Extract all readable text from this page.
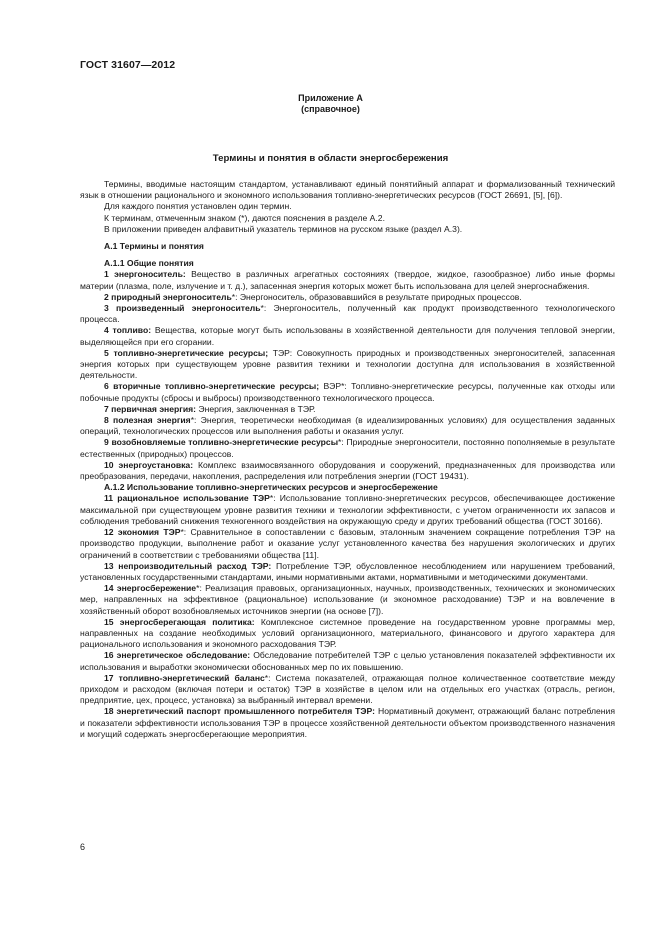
ГОСТ 31607—2012
Приложение А
(справочное)
Термины и понятия в области энергосбережения

Термины, вводимые настоящим стандартом, устанавливают единый понятийный аппарат и формализованный технический язык в отношении рационального и экономного использования топливно-энергетических ресурсов (ГОСТ 26691, [5], [6]).

Для каждого понятия установлен один термин.

К терминам, отмеченным знаком (*), даются пояснения в разделе А.2.

В приложении приведен алфавитный указатель терминов на русском языке (раздел А.3).

А.1 Термины и понятия

А.1.1 Общие понятия

1 энергоноситель: Вещество в различных агрегатных состояниях (твердое, жидкое, газообразное) либо иные формы материи (плазма, поле, излучение и т. д.), запасенная энергия которых может быть использована для целей энергоснабжения.

2 природный энергоноситель*: Энергоноситель, образовавшийся в результате природных процессов.

3 произведенный энергоноситель*: Энергоноситель, полученный как продукт производственного технологического процесса.

4 топливо: Вещества, которые могут быть использованы в хозяйственной деятельности для получения тепловой энергии, выделяющейся при его сгорании.

5 топливно-энергетические ресурсы; ТЭР: Совокупность природных и производственных энергоносителей, запасенная энергия которых при существующем уровне развития техники и технологии доступна для использования в хозяйственной деятельности.

6 вторичные топливно-энергетические ресурсы; ВЭР*: Топливно-энергетические ресурсы, полученные как отходы или побочные продукты (сбросы и выбросы) производственного технологического процесса.

7 первичная энергия: Энергия, заключенная в ТЭР.

8 полезная энергия*: Энергия, теоретически необходимая (в идеализированных условиях) для осуществления заданных операций, технологических процессов или выполнения работы и оказания услуг.

9 возобновляемые топливно-энергетические ресурсы*: Природные энергоносители, постоянно пополняемые в результате естественных (природных) процессов.

10 энергоустановка: Комплекс взаимосвязанного оборудования и сооружений, предназначенных для производства или преобразования, передачи, накопления, распределения или потребления энергии (ГОСТ 19431).

А.1.2 Использование топливно-энергетических ресурсов и энергосбережение

11 рациональное использование ТЭР*: Использование топливно-энергетических ресурсов, обеспечивающее достижение максимальной при существующем уровне развития техники и технологии эффективности, с учетом ограниченности их запасов и соблюдения требований снижения техногенного воздействия на окружающую среду и других требований общества (ГОСТ 30166).

12 экономия ТЭР*: Сравнительное в сопоставлении с базовым, эталонным значением сокращение потребления ТЭР на производство продукции, выполнение работ и оказание услуг установленного качества без нарушения экологических и других ограничений в соответствии с требованиями общества [11].

13 непроизводительный расход ТЭР: Потребление ТЭР, обусловленное несоблюдением или нарушением требований, установленных государственными стандартами, иными нормативными актами, нормативными и методическими документами.

14 энергосбережение*: Реализация правовых, организационных, научных, производственных, технических и экономических мер, направленных на эффективное (рациональное) использование (и экономное расходование) ТЭР и на вовлечение в хозяйственный оборот возобновляемых источников энергии (на основе [7]).

15 энергосберегающая политика: Комплексное системное проведение на государственном уровне программы мер, направленных на создание необходимых условий организационного, материального, финансового и другого характера для рационального использования и экономного расходования ТЭР.

16 энергетическое обследование: Обследование потребителей ТЭР с целью установления показателей эффективности их использования и выработки экономически обоснованных мер по их повышению.

17 топливно-энергетический баланс*: Система показателей, отражающая полное количественное соответствие между приходом и расходом (включая потери и остаток) ТЭР в хозяйстве в целом или на отдельных его участках (отрасль, регион, предприятие, цех, процесс, установка) за выбранный интервал времени.

18 энергетический паспорт промышленного потребителя ТЭР: Нормативный документ, отражающий баланс потребления и показатели эффективности использования ТЭР в процессе хозяйственной деятельности объектом производственного назначения и могущий содержать энергосберегающие мероприятия.

6
